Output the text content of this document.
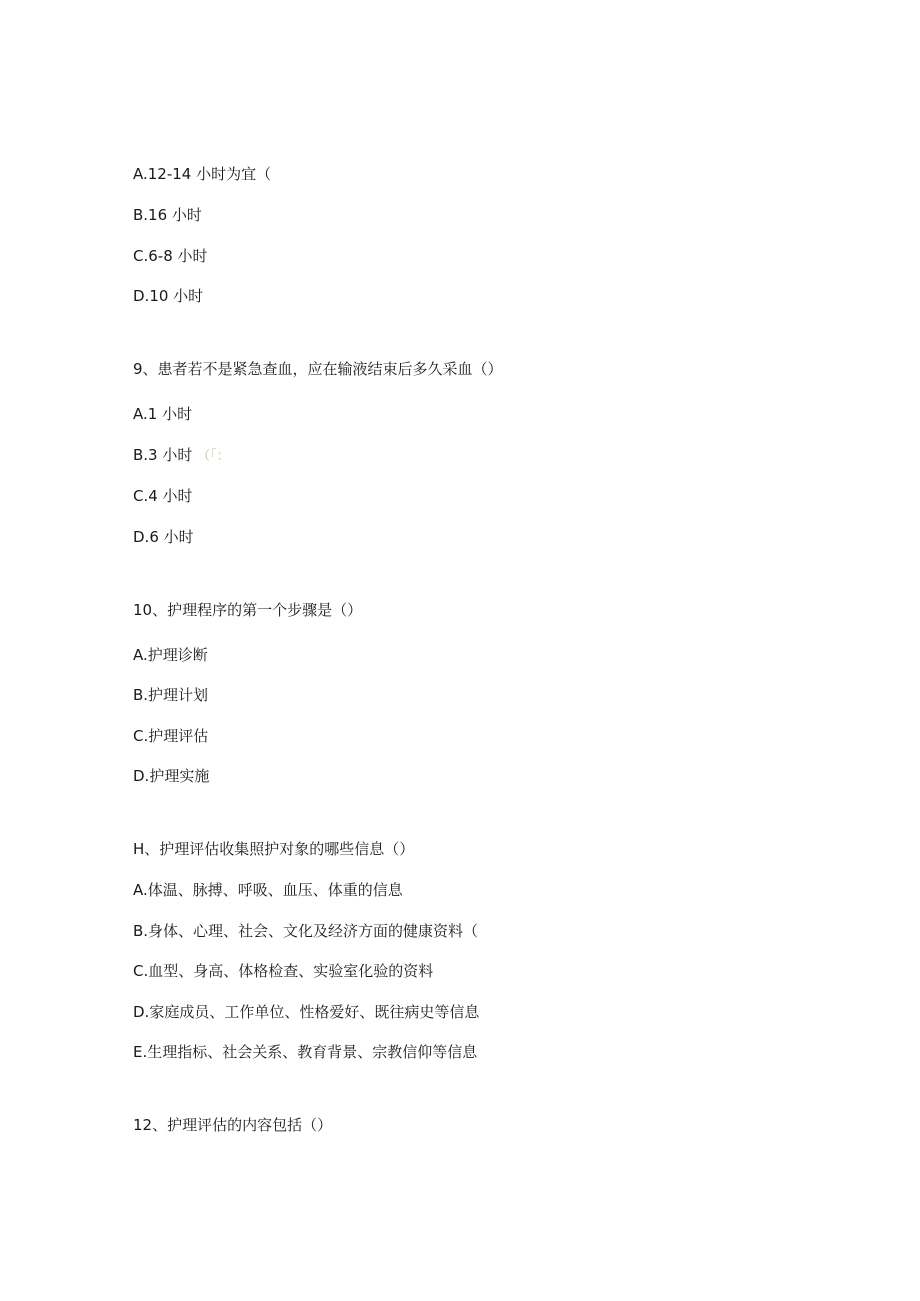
A.12-14 小时为宜（
B.16 小时
C.6-8 小时
D.10 小时
9、患者若不是紧急查血，应在输液结束后多久采血（）
A.1 小时
B.3 小时 （「：
C.4 小时
D.6 小时
10、护理程序的第一个步骤是（）
A.护理诊断
B.护理计划
C.护理评估
D.护理实施
H、护理评估收集照护对象的哪些信息（）
A.体温、脉搏、呼吸、血压、体重的信息
B.身体、心理、社会、文化及经济方面的健康资料（
C.血型、身高、体格检查、实验室化验的资料
D.家庭成员、工作单位、性格爱好、既往病史等信息
E.生理指标、社会关系、教育背景、宗教信仰等信息
12、护理评估的内容包括（）
